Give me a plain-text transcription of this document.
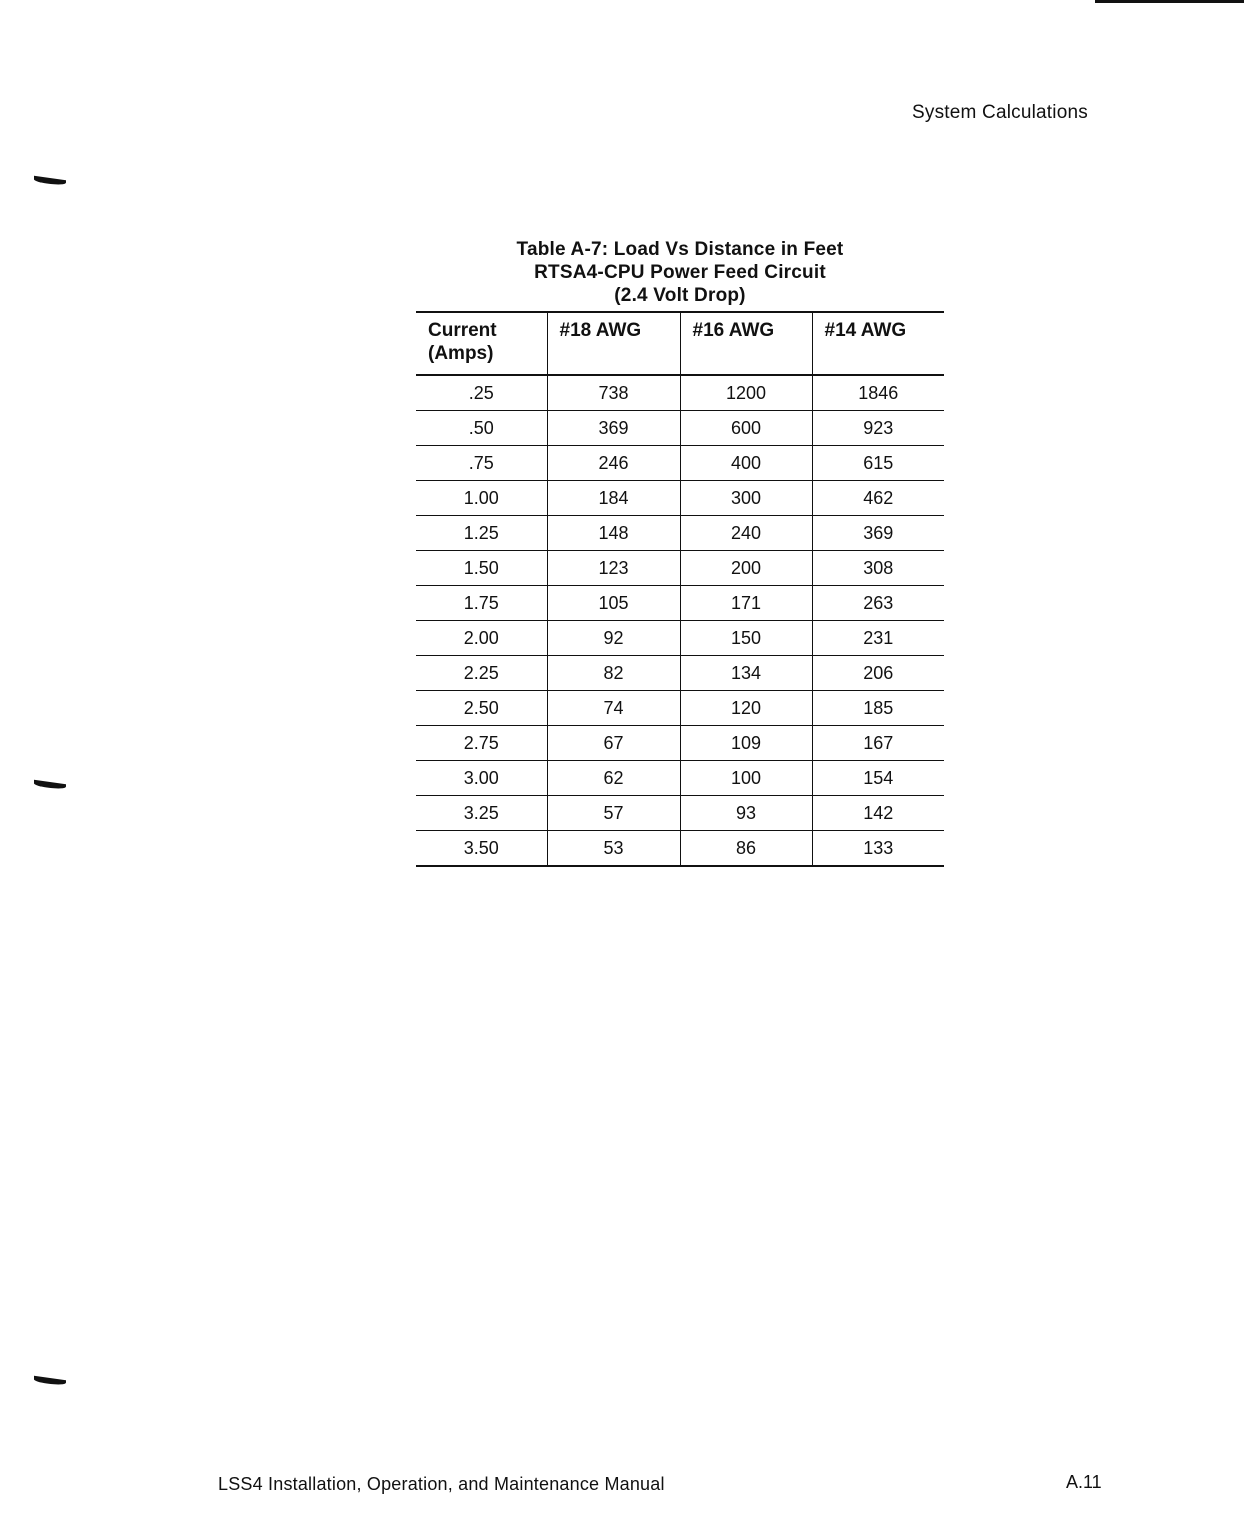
System Calculations
Table A-7: Load Vs Distance in Feet
RTSA4-CPU Power Feed Circuit
(2.4 Volt Drop)
Current (Amps)	#18 AWG	#16 AWG	#14 AWG
.25	738	1200	1846
.50	369	600	923
.75	246	400	615
1.00	184	300	462
1.25	148	240	369
1.50	123	200	308
1.75	105	171	263
2.00	92	150	231
2.25	82	134	206
2.50	74	120	185
2.75	67	109	167
3.00	62	100	154
3.25	57	93	142
3.50	53	86	133
LSS4 Installation, Operation, and Maintenance Manual	A.11
